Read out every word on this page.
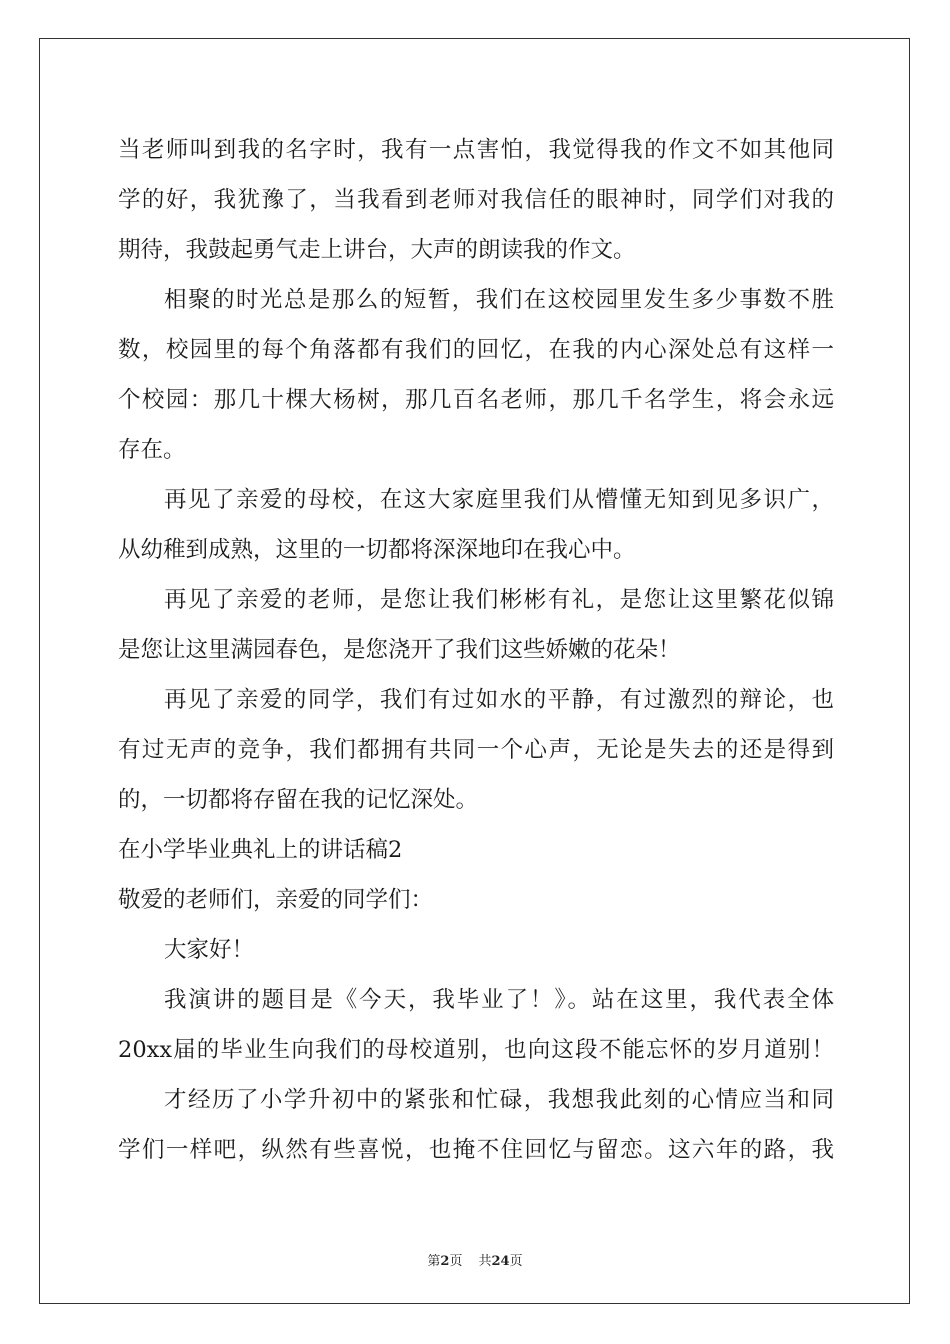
当老师叫到我的名字时，我有一点害怕，我觉得我的作文不如其他同
学的好，我犹豫了，当我看到老师对我信任的眼神时，同学们对我的
期待，我鼓起勇气走上讲台，大声的朗读我的作文。
相聚的时光总是那么的短暂，我们在这校园里发生多少事数不胜
数，校园里的每个角落都有我们的回忆，在我的内心深处总有这样一
个校园：那几十棵大杨树，那几百名老师，那几千名学生，将会永远
存在。
再见了亲爱的母校，在这大家庭里我们从懵懂无知到见多识广，
从幼稚到成熟，这里的一切都将深深地印在我心中。
再见了亲爱的老师，是您让我们彬彬有礼，是您让这里繁花似锦
是您让这里满园春色，是您浇开了我们这些娇嫩的花朵！
再见了亲爱的同学，我们有过如水的平静，有过激烈的辩论，也
有过无声的竞争，我们都拥有共同一个心声，无论是失去的还是得到
的，一切都将存留在我的记忆深处。
在小学毕业典礼上的讲话稿2
敬爱的老师们，亲爱的同学们：
大家好！
我演讲的题目是《今天，我毕业了！》。站在这里，我代表全体
20xx届的毕业生向我们的母校道别，也向这段不能忘怀的岁月道别！
才经历了小学升初中的紧张和忙碌，我想我此刻的心情应当和同
学们一样吧，纵然有些喜悦，也掩不住回忆与留恋。这六年的路，我
第2页 共24页
